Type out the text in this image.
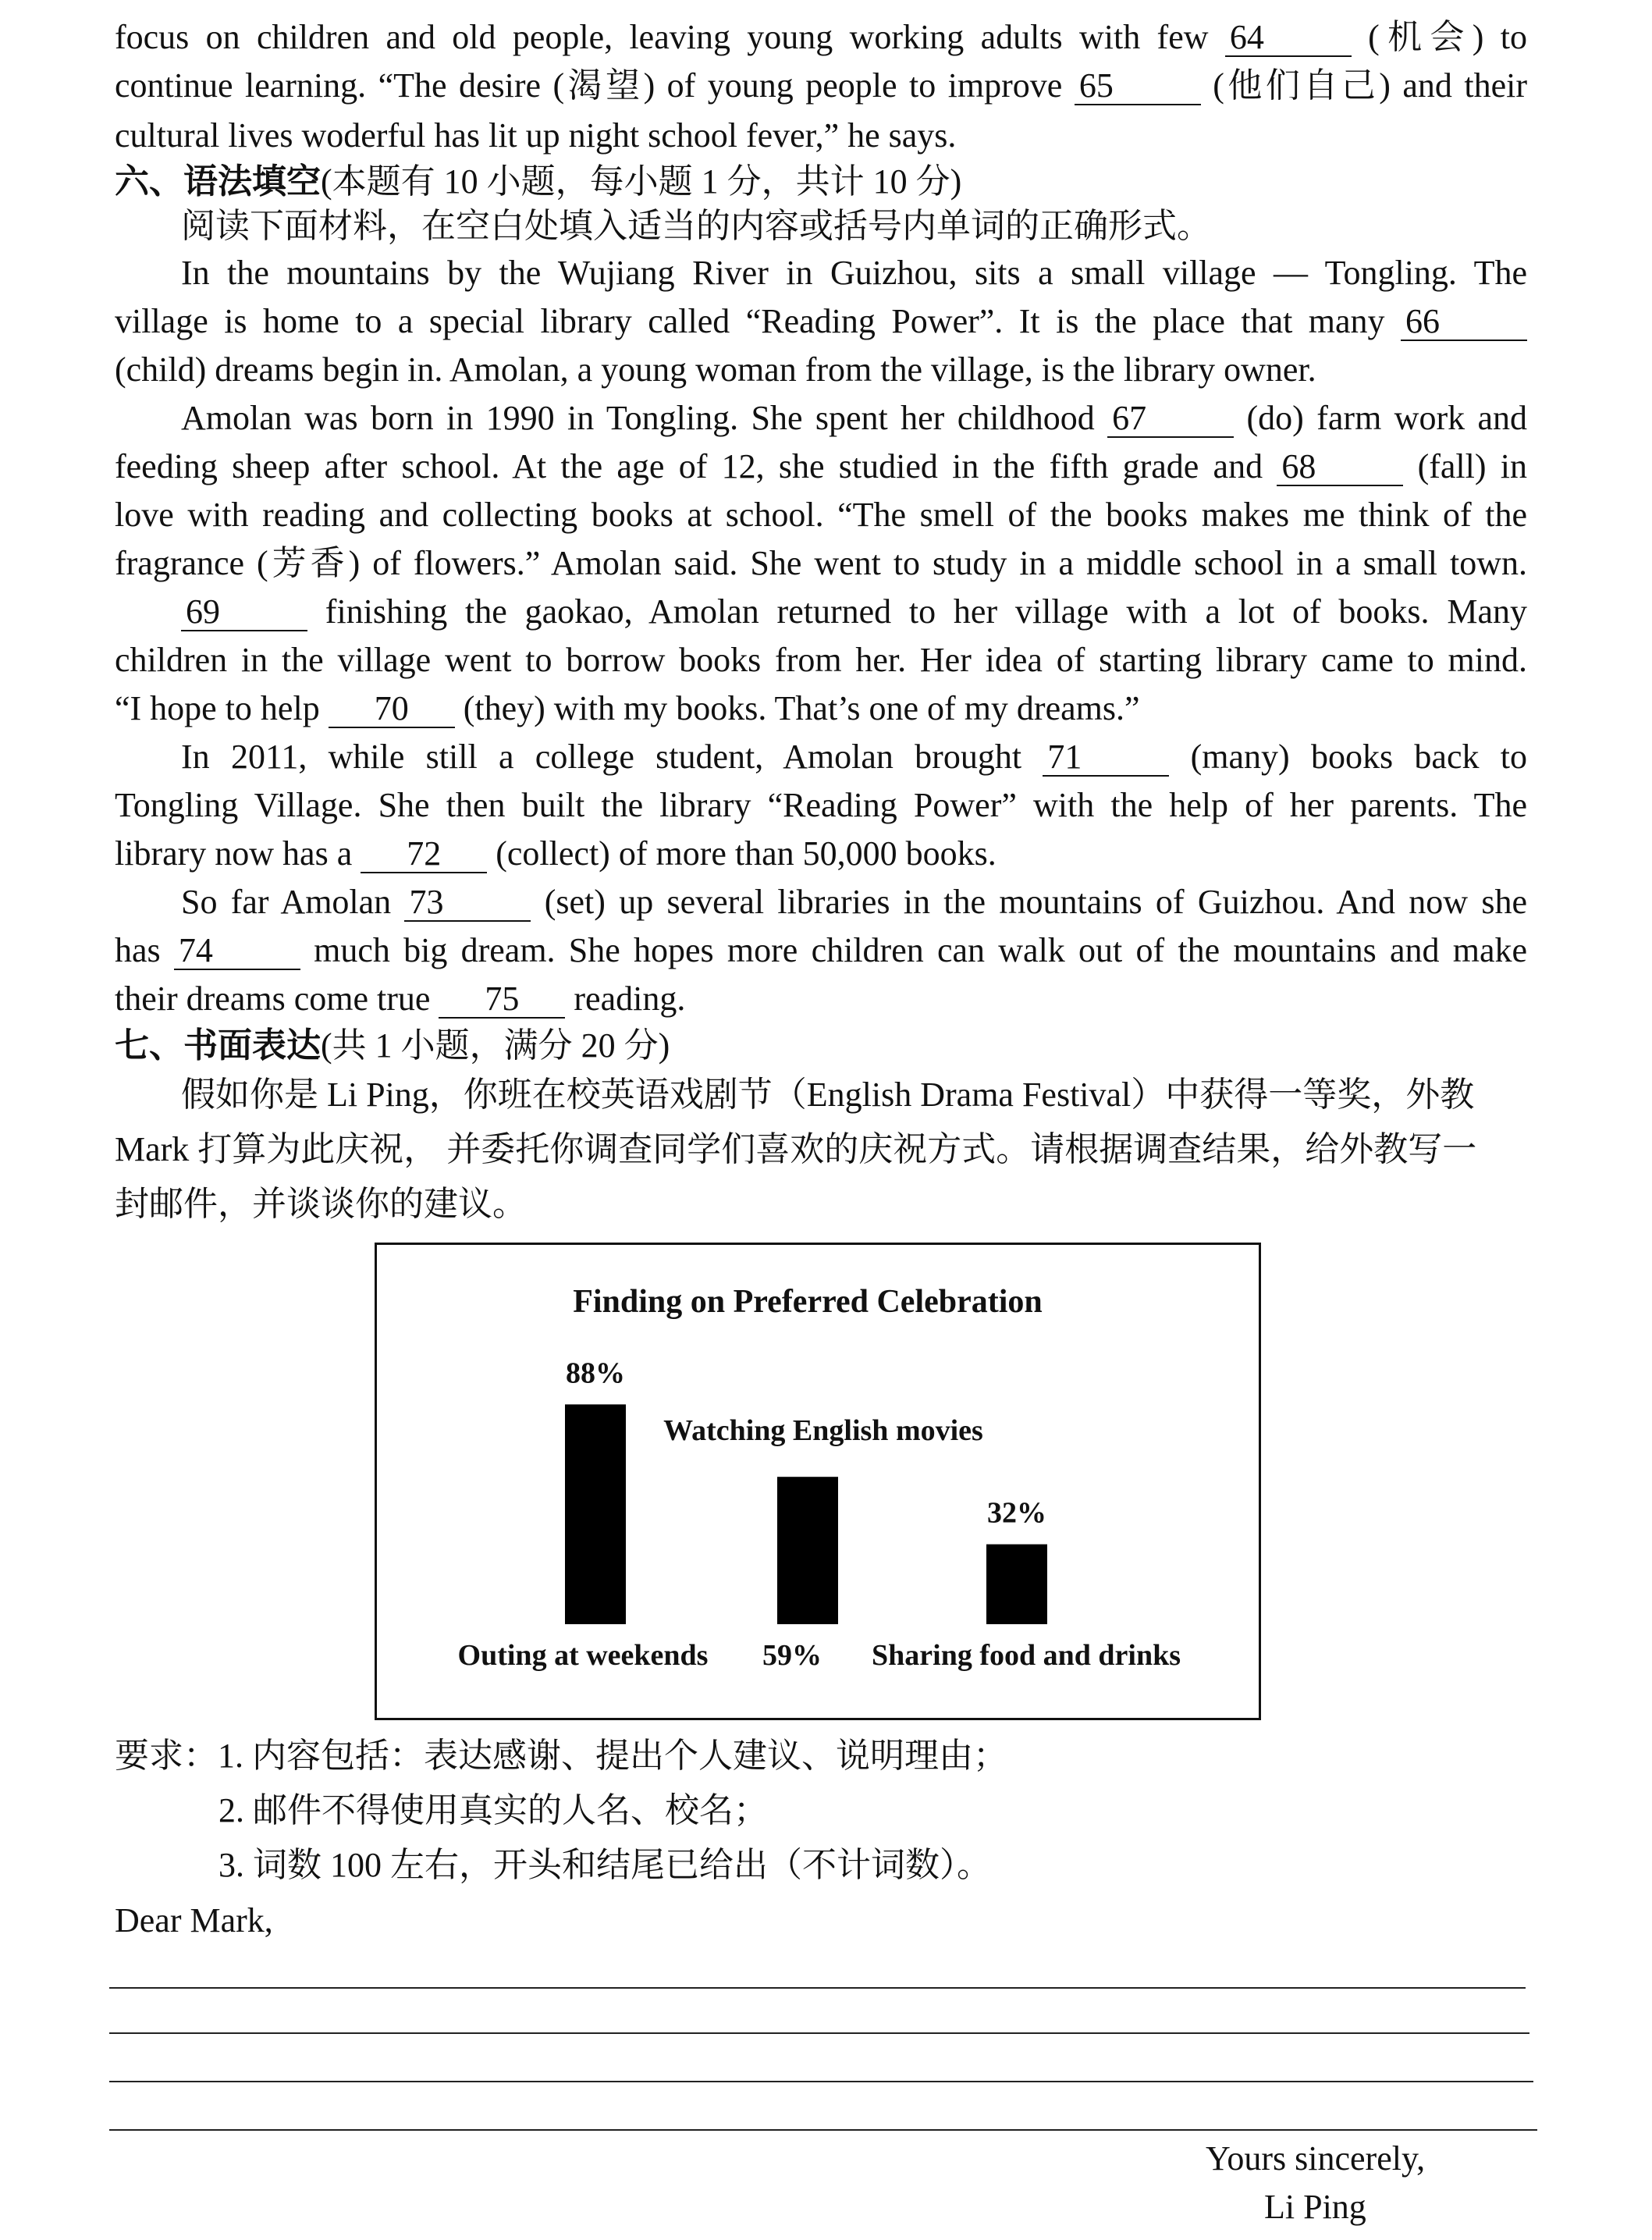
focus on children and old people, leaving young working adults with few 64	(机会) to
continue learning. “The desire (渴望) of young people to improve 65	(他们自己) and their
cultural lives woderful has lit up night school fever,” he says.
六、语法填空(本题有 10 小题，每小题 1 分，共计 10 分)
阅读下面材料，在空白处填入适当的内容或括号内单词的正确形式。
In the mountains by the Wujiang River in Guizhou, sits a small village — Tongling. The
village is home to a special library called “Reading Power”. It is the place that many 66
(child) dreams begin in. Amolan, a young woman from the village, is the library owner.
Amolan was born in 1990 in Tongling. She spent her childhood 67	(do) farm work and
feeding sheep after school. At the age of 12, she studied in the fifth grade and 68	(fall) in
love with reading and collecting books at school. “The smell of the books makes me think of the
fragrance (芳香) of flowers.” Amolan said. She went to study in a middle school in a small town.
69	finishing the gaokao, Amolan returned to her village with a lot of books. Many
children in the village went to borrow books from her. Her idea of starting library came to mind.
“I hope to help 70 (they) with my books. That’s one of my dreams.”
In 2011, while still a college student, Amolan brought 71	(many) books back to
Tongling Village. She then built the library “Reading Power” with the help of her parents. The
library now has a 72 (collect) of more than 50,000 books.
So far Amolan 73	(set) up several libraries in the mountains of Guizhou. And now she
has 74	much big dream. She hopes more children can walk out of the mountains and make
their dreams come true 75 reading.
七、书面表达(共 1 小题，满分 20 分)
假如你是 Li Ping，你班在校英语戏剧节（English Drama Festival）中获得一等奖，外教
Mark 打算为此庆祝， 并委托你调查同学们喜欢的庆祝方式。请根据调查结果，给外教写一
封邮件，并谈谈你的建议。
Finding on Preferred Celebration
88%
59%
32%
Outing at weekends
Watching English movies
Sharing food and drinks
要求：1. 内容包括：表达感谢、提出个人建议、说明理由；
2. 邮件不得使用真实的人名、校名；
3. 词数 100 左右，开头和结尾已给出（不计词数）。
Dear Mark,
Yours sincerely,
Li Ping
